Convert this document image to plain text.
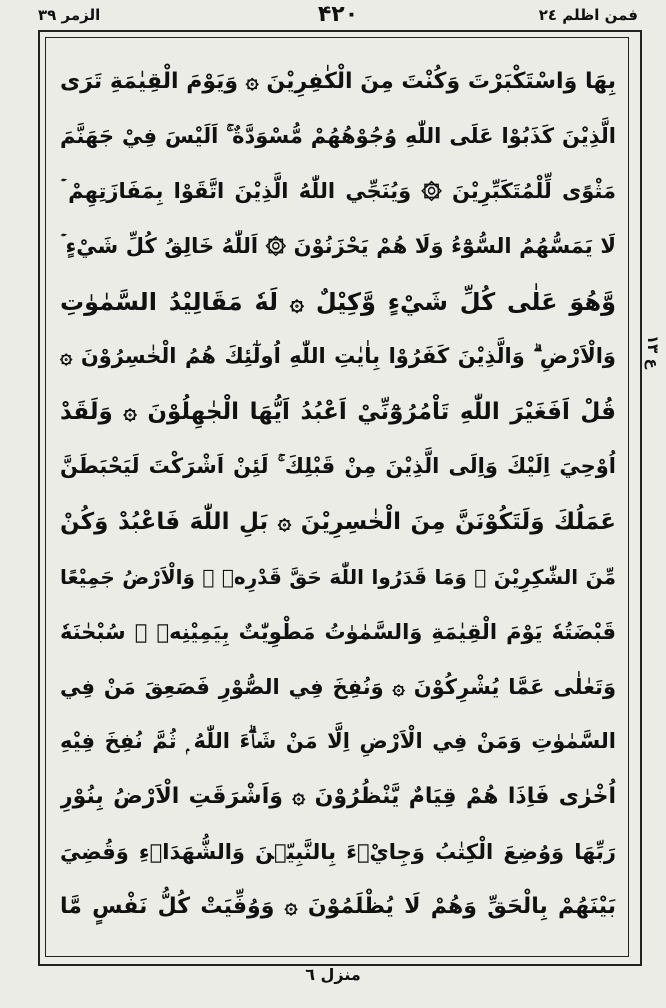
الزمر ٣٩	۴۲۰	فمن اظلم ٢٤
بِهَا وَاسْتَكْبَرْتَ وَكُنْتَ مِنَ الْكٰفِرِيْنَ ۞ وَيَوْمَ الْقِيٰمَةِ تَرَى
الَّذِيْنَ كَذَبُوْا عَلَى اللّٰهِ وُجُوْهُهُمْ مُّسْوَدَّةٌ ۚ اَلَيْسَ فِيْ جَهَنَّمَ
مَثْوًى لِّلْمُتَكَبِّرِيْنَ ۞ وَيُنَجِّي اللّٰهُ الَّذِيْنَ اتَّقَوْا بِمَفَازَتِهِمْ ۡ
لَا يَمَسُّهُمُ السُّوْٓءُ وَلَا هُمْ يَحْزَنُوْنَ ۞ اَللّٰهُ خَالِقُ كُلِّ شَيْءٍ ۡ
وَّهُوَ عَلٰى كُلِّ شَيْءٍ وَّكِيْلٌ ۞ لَهٗ مَقَالِيْدُ السَّمٰوٰتِ
وَالْاَرْضِ ۗ وَالَّذِيْنَ كَفَرُوْا بِاٰيٰتِ اللّٰهِ اُولٰٓئِكَ هُمُ الْخٰسِرُوْنَ ۞
قُلْ اَفَغَيْرَ اللّٰهِ تَاْمُرُوْٓنِّيْ اَعْبُدُ اَيُّهَا الْجٰهِلُوْنَ ۞ وَلَقَدْ
اُوْحِيَ اِلَيْكَ وَاِلَى الَّذِيْنَ مِنْ قَبْلِكَ ۚ لَئِنْ اَشْرَكْتَ لَيَحْبَطَنَّ
عَمَلُكَ وَلَتَكُوْنَنَّ مِنَ الْخٰسِرِيْنَ ۞ بَلِ اللّٰهَ فَاعْبُدْ وَكُنْ
مِّنَ الشّٰكِرِيْنَ ۞ وَمَا قَدَرُوا اللّٰهَ حَقَّ قَدْرِهٖ ۖ وَالْاَرْضُ جَمِيْعًا
قَبْضَتُهٗ يَوْمَ الْقِيٰمَةِ وَالسَّمٰوٰتُ مَطْوِيّٰتٌ بِيَمِيْنِهٖ ۭ سُبْحٰنَهٗ
وَتَعٰلٰى عَمَّا يُشْرِكُوْنَ ۞ وَنُفِخَ فِي الصُّوْرِ فَصَعِقَ مَنْ فِي
السَّمٰوٰتِ وَمَنْ فِي الْاَرْضِ اِلَّا مَنْ شَاۗءَ اللّٰهُ ۭ ثُمَّ نُفِخَ فِيْهِ
اُخْرٰى فَاِذَا هُمْ قِيَامٌ يَّنْظُرُوْنَ ۞ وَاَشْرَقَتِ الْاَرْضُ بِنُوْرِ
رَبِّهَا وَوُضِعَ الْكِتٰبُ وَجِايْۗءَ بِالنَّبِيّٖنَ وَالشُّهَدَاۗءِ وَقُضِيَ
بَيْنَهُمْ بِالْحَقِّ وَهُمْ لَا يُظْلَمُوْنَ ۞ وَوُفِّيَتْ كُلُّ نَفْسٍ مَّا
ع ١٣
منزل ٦
